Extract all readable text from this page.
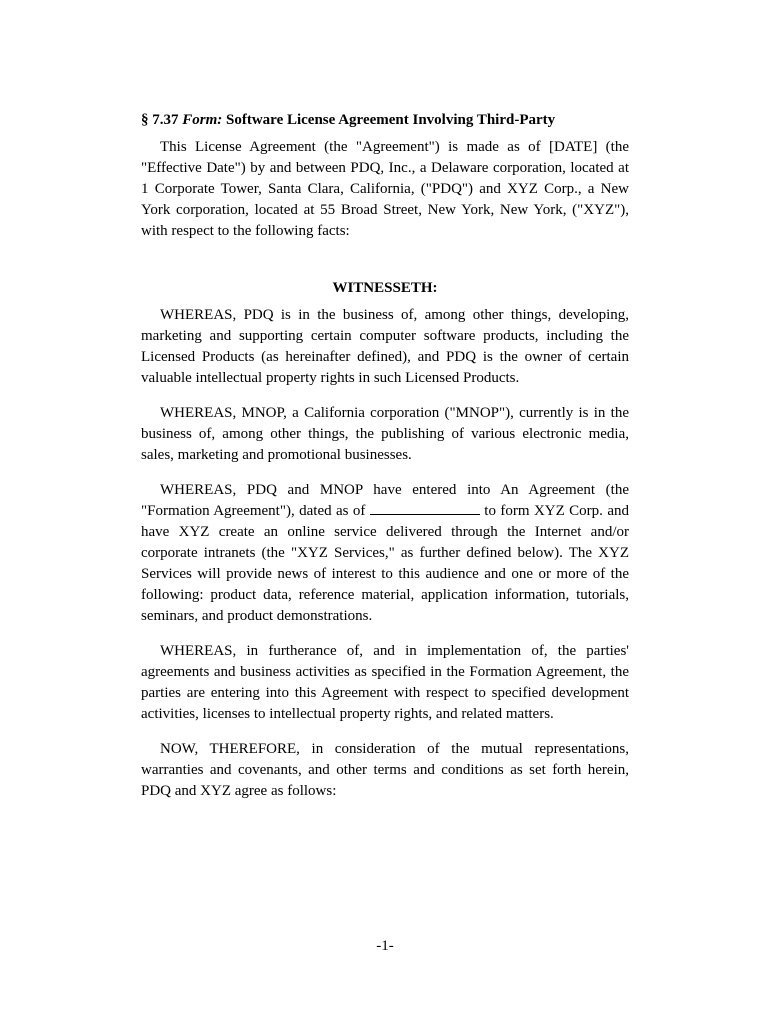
§ 7.37 Form: Software License Agreement Involving Third-Party

This License Agreement (the "Agreement") is made as of [DATE] (the "Effective Date") by and between PDQ, Inc., a Delaware corporation, located at 1 Corporate Tower, Santa Clara, California, ("PDQ") and XYZ Corp., a New York corporation, located at 55 Broad Street, New York, New York, ("XYZ"), with respect to the following facts:

WITNESSETH:

WHEREAS, PDQ is in the business of, among other things, developing, marketing and supporting certain computer software products, including the Licensed Products (as hereinafter defined), and PDQ is the owner of certain valuable intellectual property rights in such Licensed Products.

WHEREAS, MNOP, a California corporation ("MNOP"), currently is in the business of, among other things, the publishing of various electronic media, sales, marketing and promotional businesses.

WHEREAS, PDQ and MNOP have entered into An Agreement (the "Formation Agreement"), dated as of	to form XYZ Corp. and have XYZ create an online service delivered through the Internet and/or corporate intranets (the "XYZ Services," as further defined below). The XYZ Services will provide news of interest to this audience and one or more of the following: product data, reference material, application information, tutorials, seminars, and product demonstrations.

WHEREAS, in furtherance of, and in implementation of, the parties' agreements and business activities as specified in the Formation Agreement, the parties are entering into this Agreement with respect to specified development activities, licenses to intellectual property rights, and related matters.

NOW, THEREFORE, in consideration of the mutual representations, warranties and covenants, and other terms and conditions as set forth herein, PDQ and XYZ agree as follows:

-1-
